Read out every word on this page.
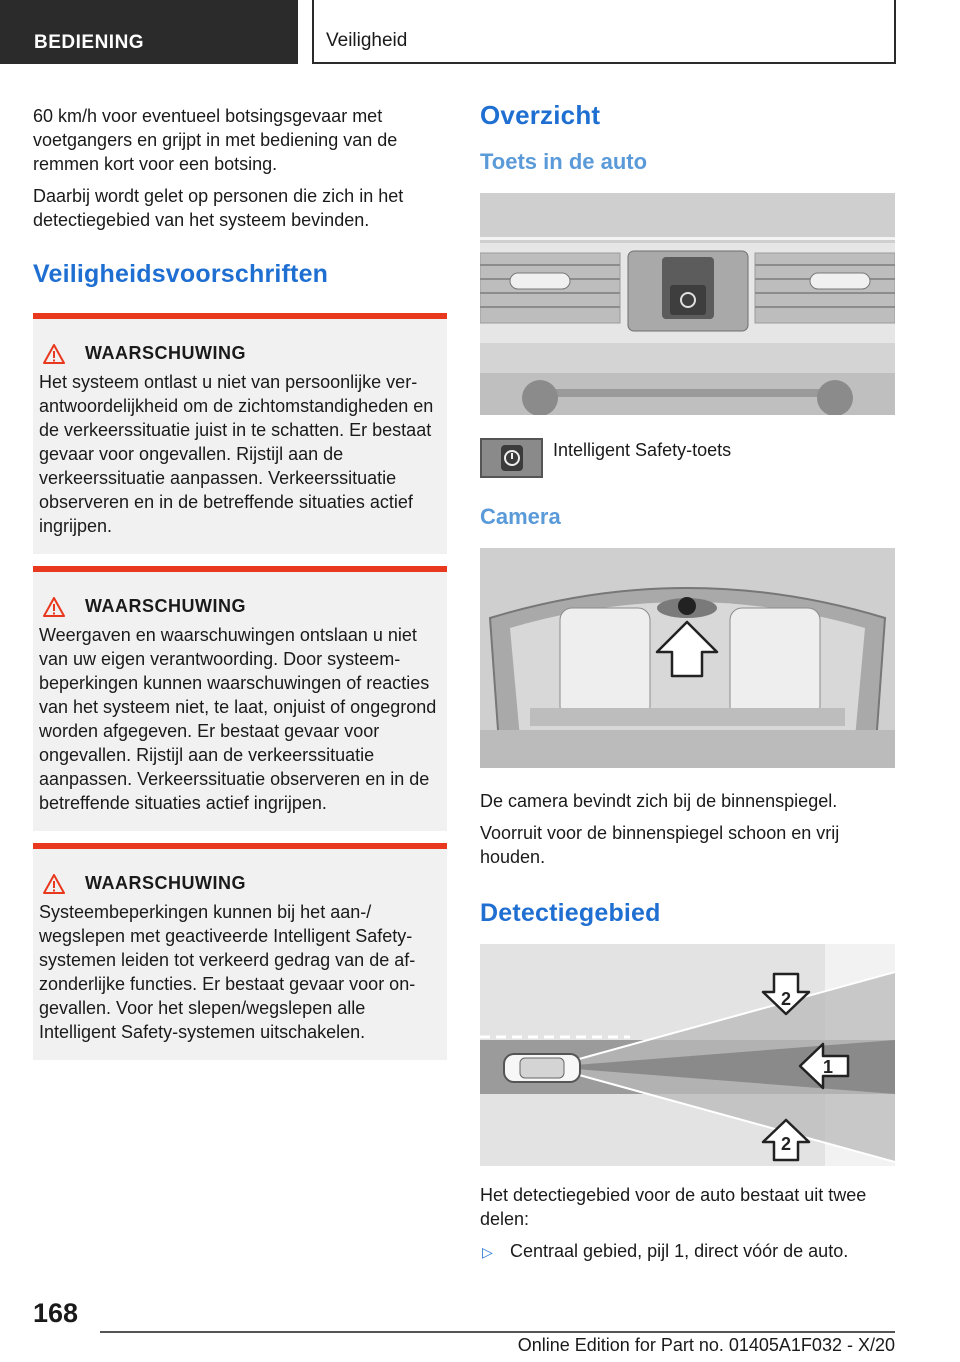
BEDIENING	Veiligheid

60 km/h voor eventueel botsingsgevaar met voetgangers en grijpt in met bediening van de remmen kort voor een botsing.

Daarbij wordt gelet op personen die zich in het detectiegebied van het systeem bevinden.

Veiligheidsvoorschriften
WAARSCHUWING
Het systeem ontlast u niet van persoonlijke verantwoordelijkheid om de zichtomstandigheden en de verkeerssituatie juist in te schatten. Er bestaat gevaar voor ongevallen. Rijstijl aan de verkeerssituatie aanpassen. Verkeerssituatie observeren en in de betreffende situaties actief ingrijpen.
WAARSCHUWING
Weergaven en waarschuwingen ontslaan u niet van uw eigen verantwoording. Door systeembeperkingen kunnen waarschuwingen of reacties van het systeem niet, te laat, onjuist of ongegrond worden afgegeven. Er bestaat gevaar voor ongevallen. Rijstijl aan de verkeerssituatie aanpassen. Verkeerssituatie observeren en in de betreffende situaties actief ingrijpen.
WAARSCHUWING
Systeembeperkingen kunnen bij het aan-/ wegslepen met geactiveerde Intelligent Safety-systemen leiden tot verkeerd gedrag van de afzonderlijke functies. Er bestaat gevaar voor ongevallen. Voor het slepen/wegslepen alle Intelligent Safety-systemen uitschakelen.
Overzicht
Toets in de auto
Intelligent Safety-toets
Camera

De camera bevindt zich bij de binnenspiegel.

Voorruit voor de binnenspiegel schoon en vrij houden.

Detectiegebied
2
1
2

Het detectiegebied voor de auto bestaat uit twee delen:

▷ Centraal gebied, pijl 1, direct vóór de auto.
168
Online Edition for Part no. 01405A1F032 - X/20
